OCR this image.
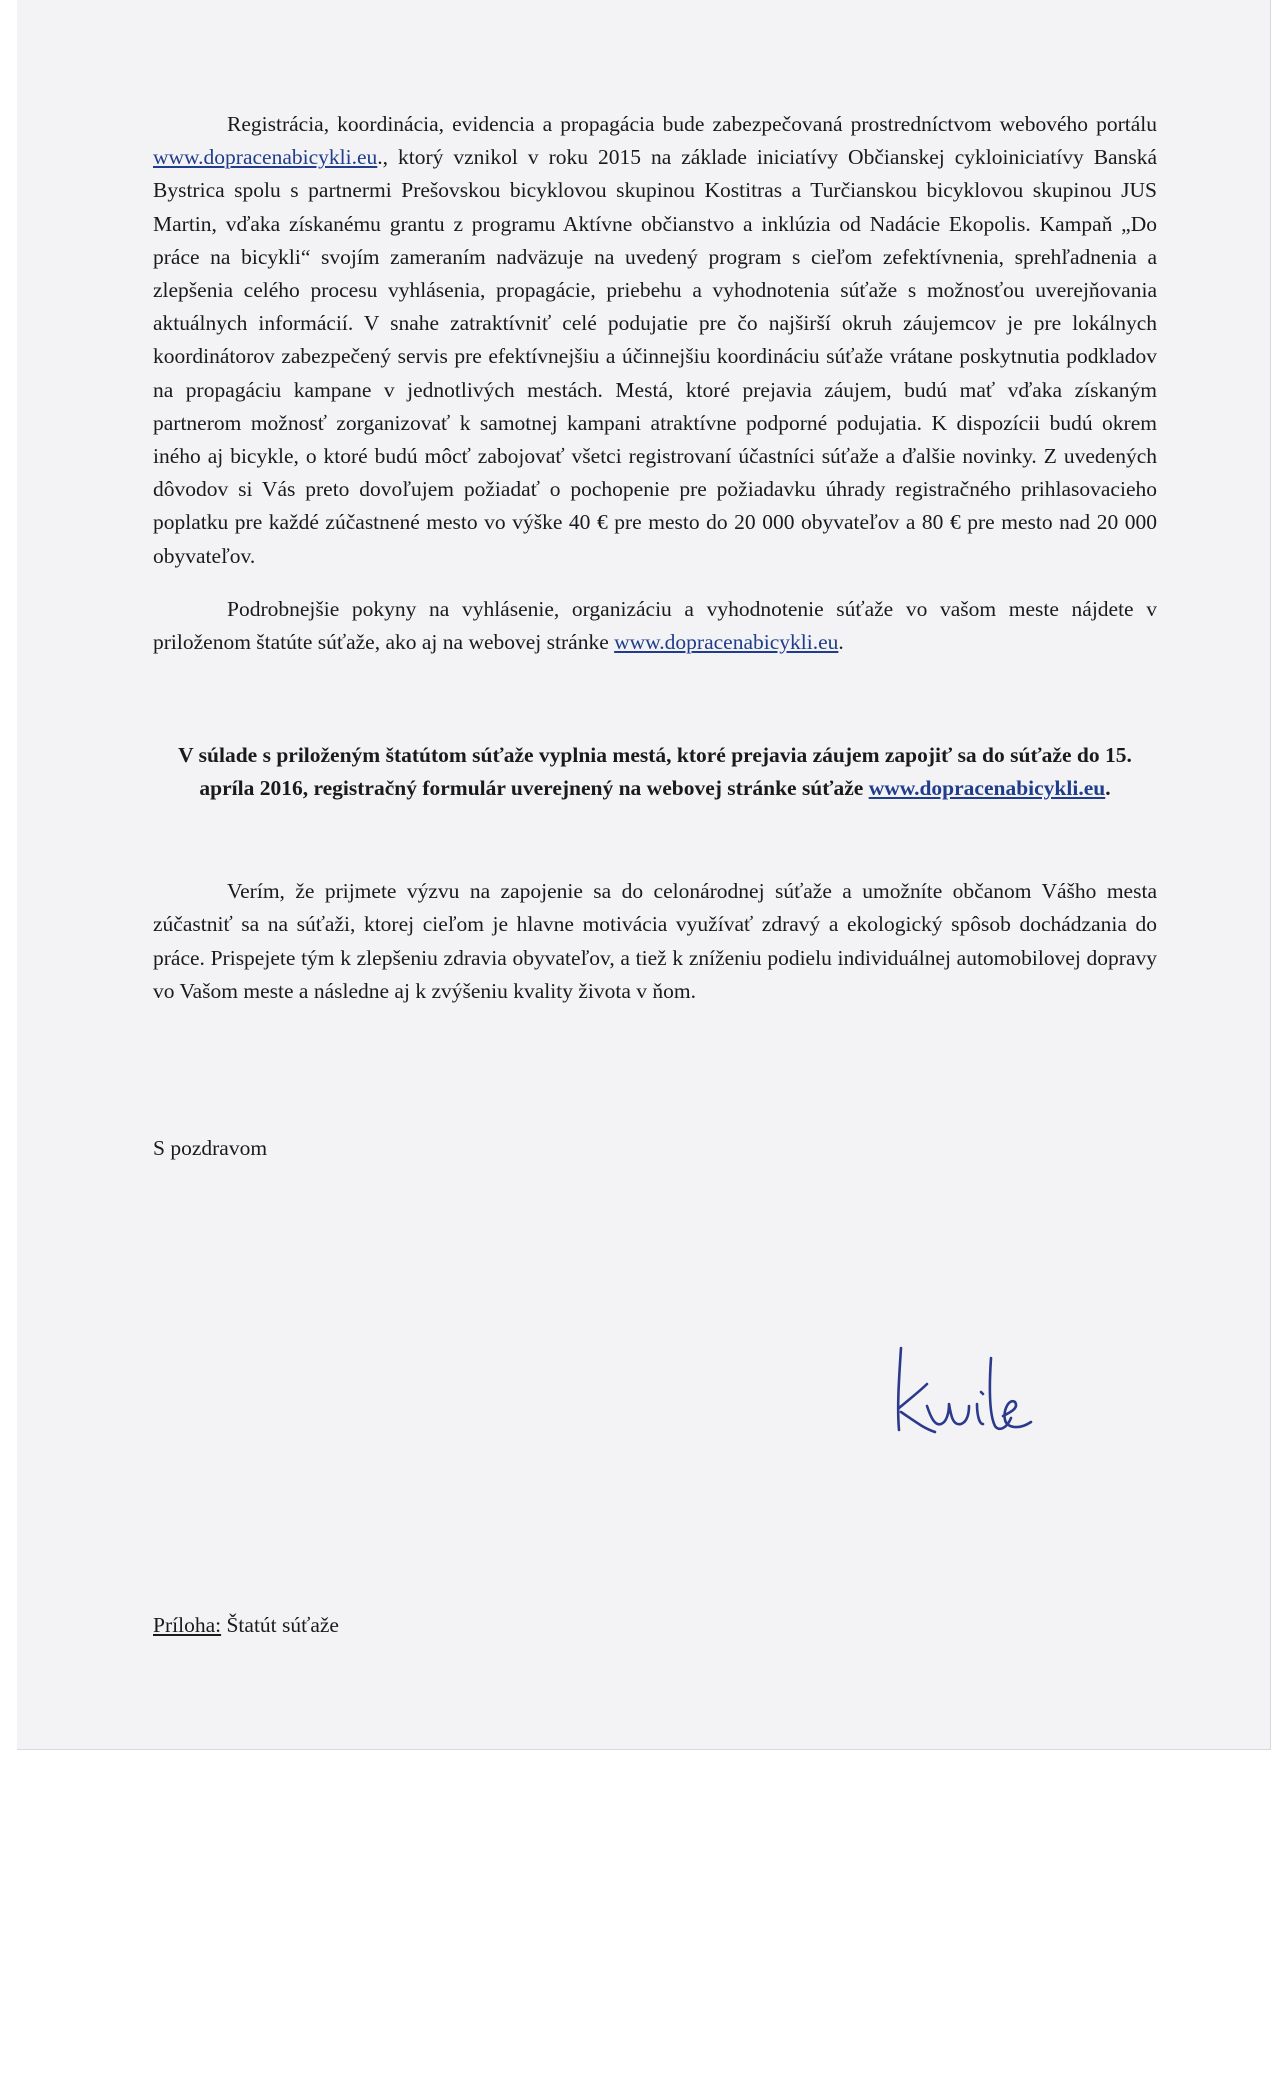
Registrácia, koordinácia, evidencia a propagácia bude zabezpečovaná prostredníctvom webového portálu www.dopracenabicykli.eu., ktorý vznikol v roku 2015 na základe iniciatívy Občianskej cykloiniciatívy Banská Bystrica spolu s partnermi Prešovskou bicyklovou skupinou Kostitras a Turčianskou bicyklovou skupinou JUS Martin, vďaka získanému grantu z programu Aktívne občianstvo a inklúzia od Nadácie Ekopolis. Kampaň „Do práce na bicykli“ svojím zameraním nadväzuje na uvedený program s cieľom zefektívnenia, sprehľadnenia a zlepšenia celého procesu vyhlásenia, propagácie, priebehu a vyhodnotenia súťaže s možnosťou uverejňovania aktuálnych informácií. V snahe zatraktívniť celé podujatie pre čo najširší okruh záujemcov je pre lokálnych koordinátorov zabezpečený servis pre efektívnejšiu a účinnejšiu koordináciu súťaže vrátane poskytnutia podkladov na propagáciu kampane v jednotlivých mestách. Mestá, ktoré prejavia záujem, budú mať vďaka získaným partnerom možnosť zorganizovať k samotnej kampani atraktívne podporné podujatia. K dispozícii budú okrem iného aj bicykle, o ktoré budú môcť zabojovať všetci registrovaní účastníci súťaže a ďalšie novinky. Z uvedených dôvodov si Vás preto dovoľujem požiadať o pochopenie pre požiadavku úhrady registračného prihlasovacieho poplatku pre každé zúčastnené mesto vo výške 40 € pre mesto do 20 000 obyvateľov a 80 € pre mesto nad 20 000 obyvateľov.

Podrobnejšie pokyny na vyhlásenie, organizáciu a vyhodnotenie súťaže vo vašom meste nájdete v priloženom štatúte súťaže, ako aj na webovej stránke www.dopracenabicykli.eu.

V súlade s priloženým štatútom súťaže vyplnia mestá, ktoré prejavia záujem zapojiť sa do súťaže do 15. apríla 2016, registračný formulár uverejnený na webovej stránke súťaže www.dopracenabicykli.eu.

Verím, že prijmete výzvu na zapojenie sa do celonárodnej súťaže a umožníte občanom Vášho mesta zúčastniť sa na súťaži, ktorej cieľom je hlavne motivácia využívať zdravý a ekologický spôsob dochádzania do práce. Prispejete tým k zlepšeniu zdravia obyvateľov, a tiež k zníženiu podielu individuálnej automobilovej dopravy vo Vašom meste a následne aj k zvýšeniu kvality života v ňom.

S pozdravom

Príloha: Štatút súťaže
